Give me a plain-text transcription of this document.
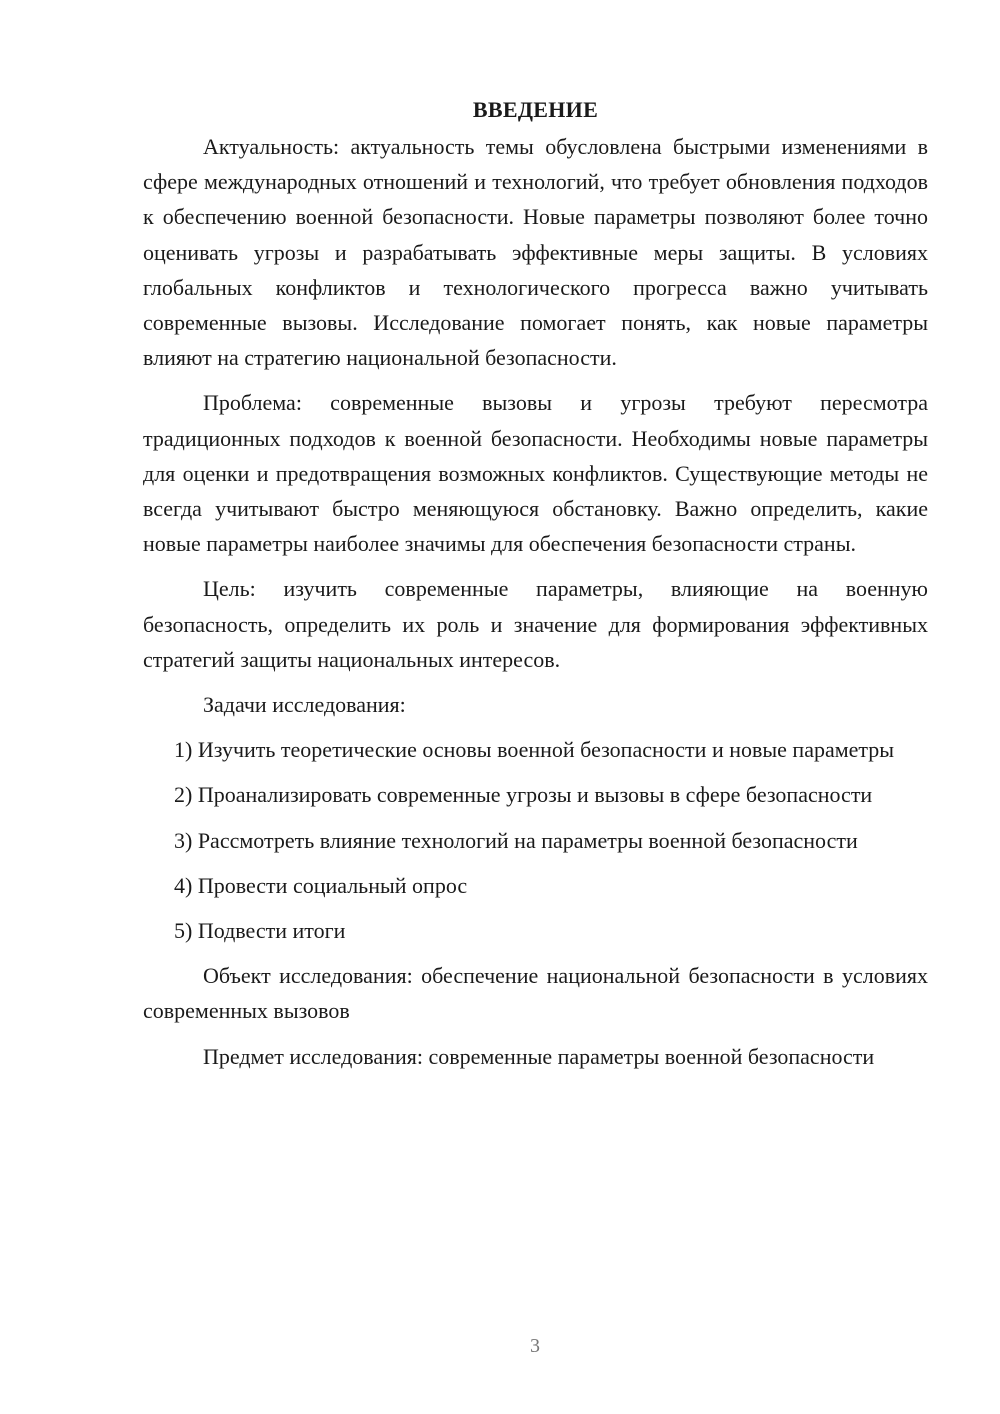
ВВЕДЕНИЕ

Актуальность: актуальность темы обусловлена быстрыми изменениями в сфере международных отношений и технологий, что требует обновления подходов к обеспечению военной безопасности. Новые параметры позволяют более точно оценивать угрозы и разрабатывать эффективные меры защиты. В условиях глобальных конфликтов и технологического прогресса важно учитывать современные вызовы. Исследование помогает понять, как новые параметры влияют на стратегию национальной безопасности.

Проблема: современные вызовы и угрозы требуют пересмотра традиционных подходов к военной безопасности. Необходимы новые параметры для оценки и предотвращения возможных конфликтов. Существующие методы не всегда учитывают быстро меняющуюся обстановку. Важно определить, какие новые параметры наиболее значимы для обеспечения безопасности страны.

Цель: изучить современные параметры, влияющие на военную безопасность, определить их роль и значение для формирования эффективных стратегий защиты национальных интересов.

Задачи исследования:

1) Изучить теоретические основы военной безопасности и новые параметры

2) Проанализировать современные угрозы и вызовы в сфере безопасности

3) Рассмотреть влияние технологий на параметры военной безопасности

4) Провести социальный опрос

5) Подвести итоги

Объект исследования: обеспечение национальной безопасности в условиях современных вызовов

Предмет исследования: современные параметры военной безопасности

3
